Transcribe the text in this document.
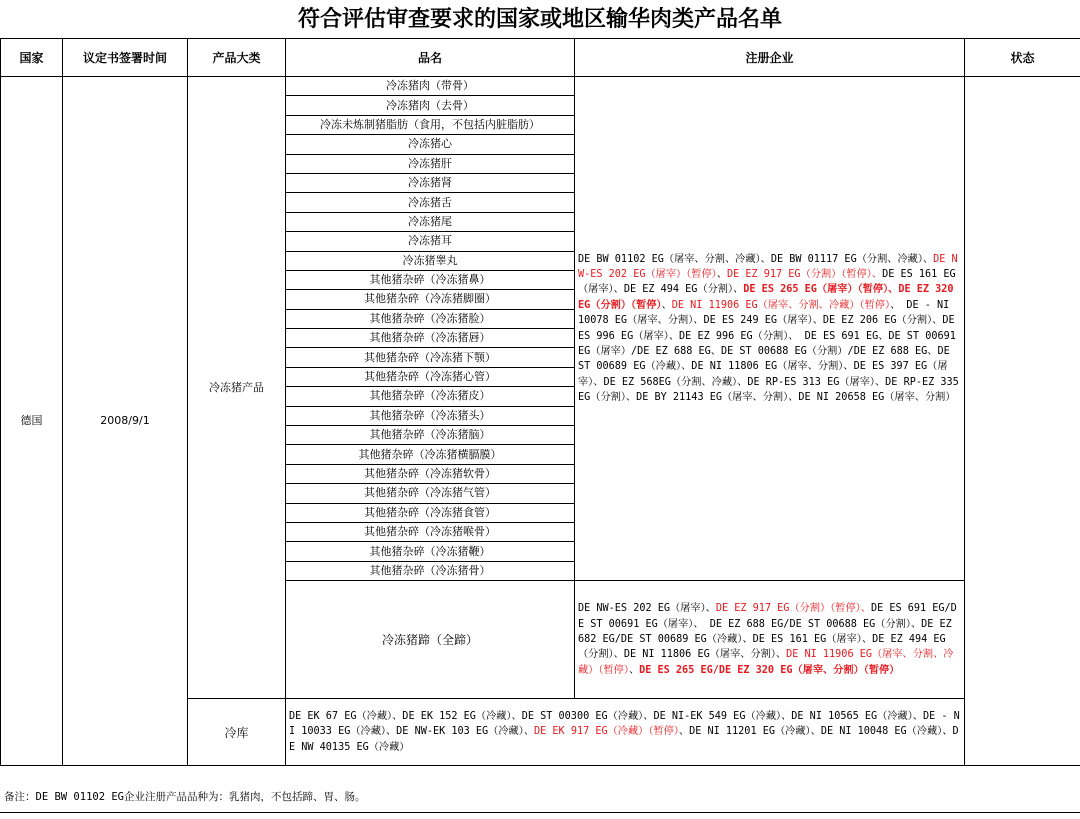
符合评估审查要求的国家或地区输华肉类产品名单
国家	议定书签署时间	产品大类	品名	注册企业	状态
德国	2008/9/1	冷冻猪产品	冷冻猪肉（带骨）	DE BW 01102 EG（屠宰、分割、冷藏）、DE BW 01117 EG（分割、冷藏）、DE NW-ES 202 EG（屠宰）（暂停）、DE EZ 917 EG（分割）（暂停）、DE ES 161 EG（屠宰）、DE EZ 494 EG（分割）、DE ES 265 EG（屠宰）（暂停）、DE EZ 320 EG（分割）（暂停）、DE NI 11906 EG（屠宰、分割、冷藏）（暂停）、 DE - NI 10078 EG（屠宰、分割）、DE ES 249 EG（屠宰）、DE EZ 206 EG（分割）、DE ES 996 EG（屠宰）、DE EZ 996 EG（分割）、 DE ES 691 EG、DE ST 00691 EG（屠宰）/DE EZ 688 EG、DE ST 00688 EG（分割）/DE EZ 688 EG、DE ST 00689 EG（冷藏）、DE NI 11806 EG（屠宰、分割）、DE ES 397 EG（屠宰）、DE EZ 568EG（分割、冷藏）、DE RP-ES 313 EG（屠宰）、DE RP-EZ 335 EG（分割）、DE BY 21143 EG（屠宰、分割）、DE NI 20658 EG（屠宰、分割）	
			冷冻猪肉（去骨）		
			冷冻未炼制猪脂肪（食用，不包括内脏脂肪）		
			冷冻猪心		
			冷冻猪肝		
			冷冻猪肾		
			冷冻猪舌		
			冷冻猪尾		
			冷冻猪耳		
			冷冻猪睾丸		
			其他猪杂碎（冷冻猪鼻）		
			其他猪杂碎（冷冻猪脚圈）		
			其他猪杂碎（冷冻猪脸）		
			其他猪杂碎（冷冻猪唇）		
			其他猪杂碎（冷冻猪下颚）		
			其他猪杂碎（冷冻猪心管）		
			其他猪杂碎（冷冻猪皮）		
			其他猪杂碎（冷冻猪头）		
			其他猪杂碎（冷冻猪脑）		
			其他猪杂碎（冷冻猪横膈膜）		
			其他猪杂碎（冷冻猪软骨）		
			其他猪杂碎（冷冻猪气管）		
			其他猪杂碎（冷冻猪食管）		
			其他猪杂碎（冷冻猪喉骨）		
			其他猪杂碎（冷冻猪鞭）		
			其他猪杂碎（冷冻猪骨）		
			冷冻猪蹄（全蹄）	DE NW-ES 202 EG（屠宰）、DE EZ 917 EG（分割）（暂停）、DE ES 691 EG/DE ST 00691 EG（屠宰）、 DE EZ 688 EG/DE ST 00688 EG（分割）、DE EZ 682 EG/DE ST 00689 EG（冷藏）、DE ES 161 EG（屠宰）、DE EZ 494 EG（分割）、DE NI 11806 EG（屠宰、分割）、DE NI 11906 EG（屠宰、分割、冷藏）（暂停）、DE ES 265 EG/DE EZ 320 EG（屠宰、分割）（暂停）	
		冷库	DE EK 67 EG（冷藏）、DE EK 152 EG（冷藏）、DE ST 00300 EG（冷藏）、DE NI-EK 549 EG（冷藏）、DE NI 10565 EG（冷藏）、DE - NI 10033 EG（冷藏）、DE NW-EK 103 EG（冷藏）、DE EK 917 EG（冷藏）（暂停）、DE NI 11201 EG（冷藏）、DE NI 10048 EG（冷藏）、DE NW 40135 EG（冷藏）		
备注：DE BW 01102 EG企业注册产品品种为：乳猪肉，不包括蹄、胃、肠。
